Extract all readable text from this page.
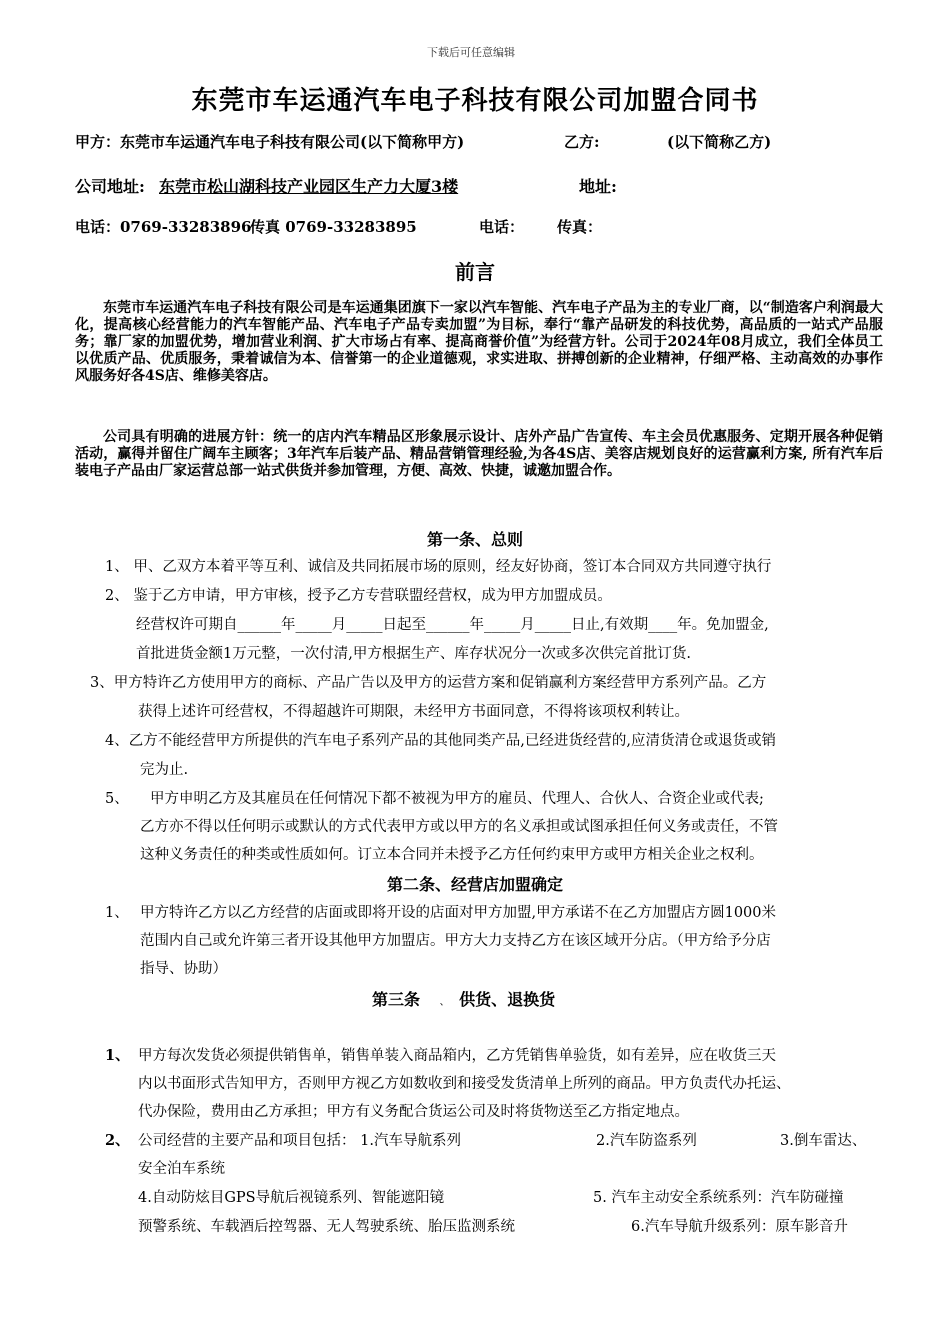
下载后可任意编辑
东莞市车运通汽车电子科技有限公司加盟合同书
甲方：东莞市车运通汽车电子科技有限公司(以下简称甲方)	乙方:	(以下简称乙方)
公司地址: 东莞市松山湖科技产业园区生产力大厦3楼	地址:
电话：0769-33283896
传真 0769-33283895	电话： 传真：
前言
东莞市车运通汽车电子科技有限公司是车运通集团旗下一家以汽车智能、汽车电子产品为主的专业厂商，以“制造客户利润最大化，提高核心经营能力的汽车智能产品、汽车电子产品专卖加盟”为目标，奉行“靠产品研发的科技优势，高品质的一站式产品服务；靠厂家的加盟优势，增加营业利润、扩大市场占有率、提高商誉价值”为经营方针。公司于2024年08月成立，我们全体员工以优质产品、优质服务，秉着诚信为本、信誉第一的企业道德观，求实进取、拼搏创新的企业精神，仔细严格、主动高效的办事作风服务好各4S店、维修美容店。
公司具有明确的进展方针：统一的店内汽车精品区形象展示设计、店外产品广告宣传、车主会员优惠服务、定期开展各种促销活动，赢得并留住广阔车主顾客；3年汽车后装产品、精品营销管理经验,为各4S店、美容店规划良好的运营赢利方案, 所有汽车后装电子产品由厂家运营总部一站式供货并参加管理，方便、高效、快捷，诚邀加盟合作。
第一条、总则
1、 甲、乙双方本着平等互利、诚信及共同拓展市场的原则，经友好协商，签订本合同双方共同遵守执行
2、 鉴于乙方申请，甲方审核，授予乙方专营联盟经营权，成为甲方加盟成员。
经营权许可期自______年_____月_____日起至______年_____月_____日止,有效期____年。免加盟金,
首批进货金额1万元整，一次付清,甲方根据生产、库存状况分一次或多次供完首批订货.
3、甲方特许乙方使用甲方的商标、产品广告以及甲方的运营方案和促销赢利方案经营甲方系列产品。乙方
获得上述许可经营权，不得超越许可期限，未经甲方书面同意，不得将该项权利转让。
4、乙方不能经营甲方所提供的汽车电子系列产品的其他同类产品,已经进货经营的,应清货清仓或退货或销
完为止.
5、 甲方申明乙方及其雇员在任何情况下都不被视为甲方的雇员、代理人、合伙人、合资企业或代表;
乙方亦不得以任何明示或默认的方式代表甲方或以甲方的名义承担或试图承担任何义务或责任，不管
这种义务责任的种类或性质如何。订立本合同并未授予乙方任何约束甲方或甲方相关企业之权利。
第二条、经营店加盟确定
1、 甲方特许乙方以乙方经营的店面或即将开设的店面对甲方加盟,甲方承诺不在乙方加盟店方圆1000米
范围内自己或允许第三者开设其他甲方加盟店。甲方大力支持乙方在该区域开分店。（甲方给予分店
指导、协助）
第三条 、 供货、退换货
1、 甲方每次发货必须提供销售单，销售单装入商品箱内，乙方凭销售单验货，如有差异，应在收货三天
内以书面形式告知甲方，否则甲方视乙方如数收到和接受发货清单上所列的商品。甲方负责代办托运、
代办保险，费用由乙方承担；甲方有义务配合货运公司及时将货物送至乙方指定地点。
2、 公司经营的主要产品和项目包括： 1.汽车导航系列	2.汽车防盗系列	3.倒车雷达、
安全泊车系统
4.自动防炫目GPS导航后视镜系列、智能遮阳镜	5. 汽车主动安全系统系列：汽车防碰撞
预警系统、车载酒后控驾器、无人驾驶系统、胎压监测系统	6.汽车导航升级系列：原车影音升
